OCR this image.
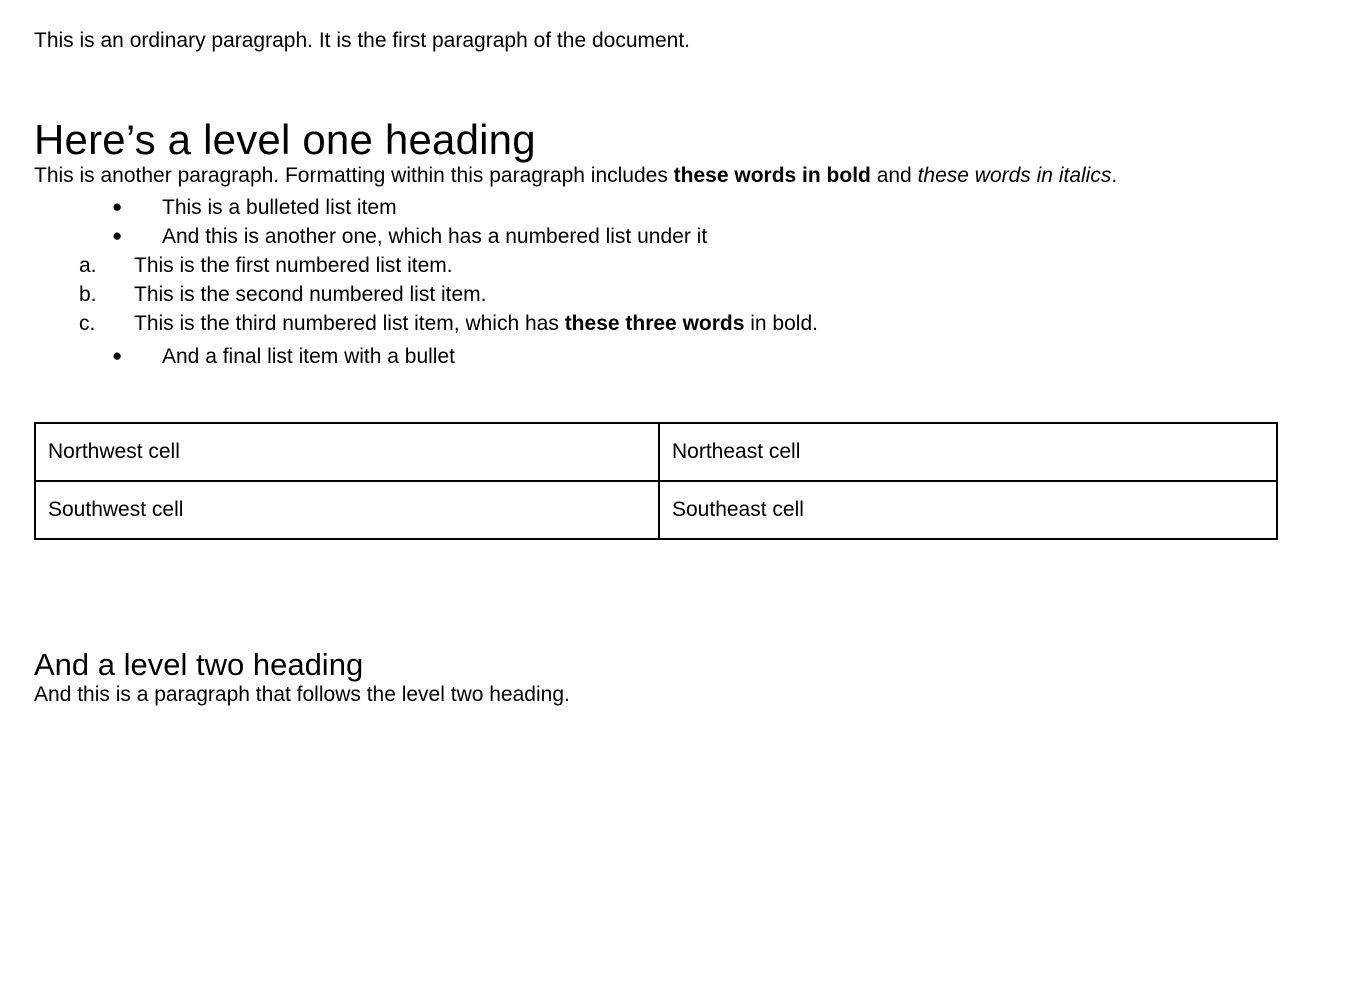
This is an ordinary paragraph. It is the first paragraph of the document.

Here’s a level one heading

This is another paragraph. Formatting within this paragraph includes these words in bold and these words in italics.

● This is a bulleted list item
● And this is another one, which has a numbered list under it
a.	This is the first numbered list item.
b.	This is the second numbered list item.
c.	This is the third numbered list item, which has these three words in bold.
● And a final list item with a bullet
Northwest cell	Northeast cell
Southwest cell	Southeast cell
And a level two heading

And this is a paragraph that follows the level two heading.
